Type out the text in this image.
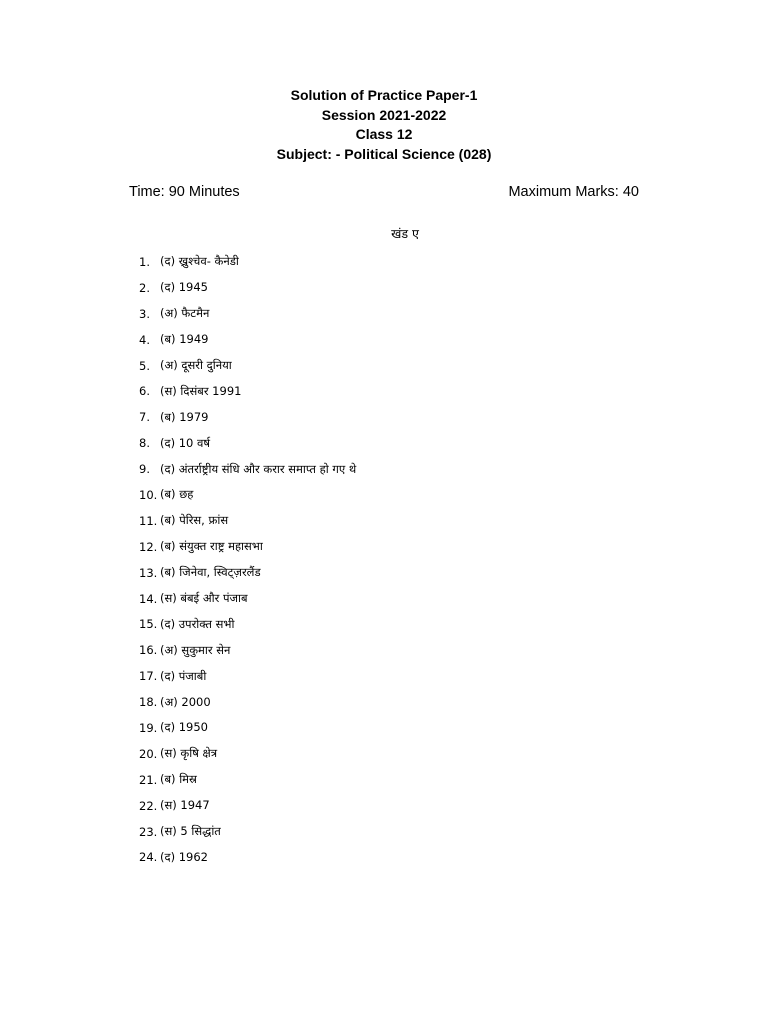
Solution of Practice Paper-1
Session 2021-2022
Class 12
Subject: - Political Science (028)
Time: 90 Minutes	Maximum Marks: 40
खंड ए
1. (द) ख्रुश्चेव- कैनेडी
2. (द) 1945
3. (अ) फैटमैन
4. (ब) 1949
5. (अ) दूसरी दुनिया
6. (स) दिसंबर 1991
7. (ब) 1979
8. (द) 10 वर्ष
9. (द) अंतर्राष्ट्रीय संधि और करार समाप्त हो गए थे
10. (ब) छह
11. (ब) पेरिस, फ्रांस
12. (ब) संयुक्त राष्ट्र महासभा
13. (ब) जिनेवा, स्विट्ज़रलैंड
14. (स) बंबई और पंजाब
15. (द) उपरोक्त सभी
16. (अ) सुकुमार सेन
17. (द) पंजाबी
18. (अ) 2000
19. (द) 1950
20. (स) कृषि क्षेत्र
21. (ब) मिस्र
22. (स) 1947
23. (स) 5 सिद्धांत
24. (द) 1962
